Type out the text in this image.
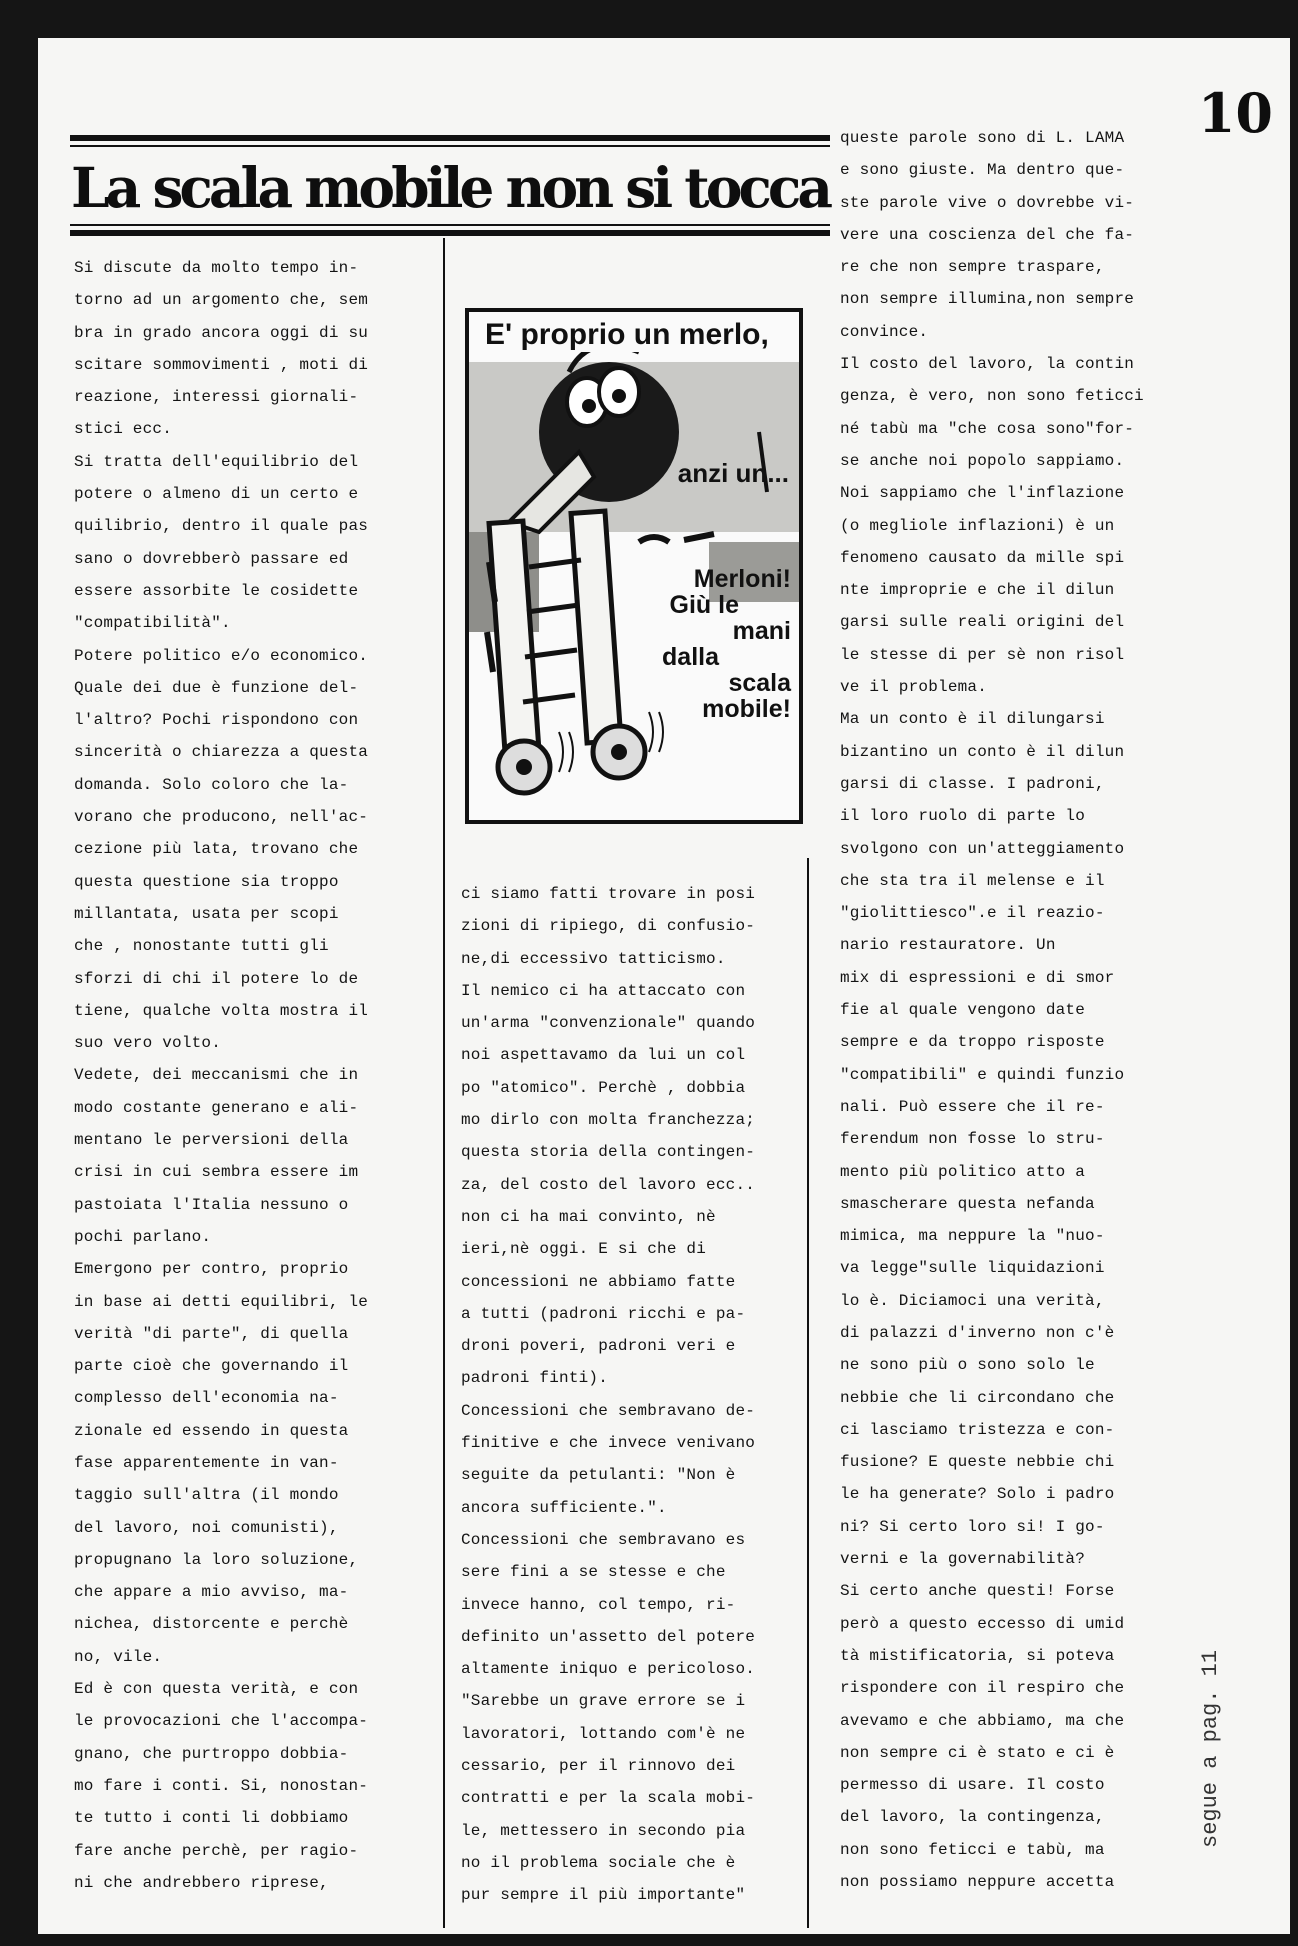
La scala mobile non si tocca
10
Si discute da molto tempo in-
torno ad un argomento che, sem
bra in grado ancora oggi di su
scitare sommovimenti , moti di
reazione, interessi giornali-
stici ecc.
Si tratta dell'equilibrio del
potere o almeno di un certo e
quilibrio, dentro il quale pas
sano o dovrebberò passare ed
essere assorbite le cosidette
"compatibilità".
Potere politico e/o economico.
Quale dei due è funzione del-
l'altro? Pochi rispondono con
sincerità o chiarezza a questa
domanda. Solo coloro che la-
vorano che producono, nell'ac-
cezione più lata, trovano che
questa questione sia troppo
millantata, usata per scopi
che , nonostante tutti gli
sforzi di chi il potere lo de
tiene, qualche volta mostra il
suo vero volto.
Vedete, dei meccanismi che in
modo costante generano e ali-
mentano le perversioni della
crisi in cui sembra essere im
pastoiata l'Italia nessuno o
pochi parlano.
Emergono per contro, proprio
in base ai detti equilibri, le
verità "di parte", di quella
parte cioè che governando il
complesso dell'economia na-
zionale ed essendo in questa
fase apparentemente in van-
taggio sull'altra (il mondo
del lavoro, noi comunisti),
propugnano la loro soluzione,
che appare a mio avviso, ma-
nichea, distorcente e perchè
no, vile.
Ed è con questa verità, e con
le provocazioni che l'accompa-
gnano, che purtroppo dobbia-
mo fare i conti. Si, nonostan-
te tutto i conti li dobbiamo
fare anche perchè, per ragio-
ni che andrebbero riprese,
ci siamo fatti trovare in posi
zioni di ripiego, di confusio-
ne,di eccessivo tatticismo.
Il nemico ci ha attaccato con
un'arma "convenzionale" quando
noi aspettavamo da lui un col
po "atomico". Perchè , dobbia
mo dirlo con molta franchezza;
questa storia della contingen-
za, del costo del lavoro ecc..
non ci ha mai convinto, nè
ieri,nè oggi. E si che di
concessioni ne abbiamo fatte
a tutti (padroni ricchi e pa-
droni poveri, padroni veri e
padroni finti).
Concessioni che sembravano de-
finitive e che invece venivano
seguite da petulanti: "Non è
ancora sufficiente.".
Concessioni che sembravano es
sere fini a se stesse e che
invece hanno, col tempo, ri-
definito un'assetto del potere
altamente iniquo e pericoloso.
"Sarebbe un grave errore se i
lavoratori, lottando com'è ne
cessario, per il rinnovo dei
contratti e per la scala mobi-
le, mettessero in secondo pia
no il problema sociale che è
pur sempre il più importante"
queste parole sono di L. LAMA
e sono giuste. Ma dentro que-
ste parole vive o dovrebbe vi-
vere una coscienza del che fa-
re che non sempre traspare,
non sempre illumina,non sempre
convince.
Il costo del lavoro, la contin
genza, è vero, non sono feticci
né tabù ma "che cosa sono"for-
se anche noi popolo sappiamo.
Noi sappiamo che l'inflazione
(o megliole inflazioni) è un
fenomeno causato da mille spi
nte improprie e che il dilun
garsi sulle reali origini del
le stesse di per sè non risol
ve il problema.
Ma un conto è il dilungarsi
bizantino un conto è il dilun
garsi di classe. I padroni,
il loro ruolo di parte lo
svolgono con un'atteggiamento
che sta tra il melense e il
"giolittiesco".e il reazio-
nario restauratore. Un
mix di espressioni e di smor
fie al quale vengono date
sempre e da troppo risposte
"compatibili" e quindi funzio
nali. Può essere che il re-
ferendum non fosse lo stru-
mento più politico atto a
smascherare questa nefanda
mimica, ma neppure la "nuo-
va legge"sulle liquidazioni
lo è. Diciamoci una verità,
di palazzi d'inverno non c'è
ne sono più o sono solo le
nebbie che li circondano che
ci lasciamo tristezza e con-
fusione? E queste nebbie chi
le ha generate? Solo i padro
ni? Si certo loro si! I go-
verni e la governabilità?
Si certo anche questi! Forse
però a questo eccesso di umid
tà mistificatoria, si poteva
rispondere con il respiro che
avevamo e che abbiamo, ma che
non sempre ci è stato e ci è
permesso di usare. Il costo
del lavoro, la contingenza,
non sono feticci e tabù, ma
non possiamo neppure accetta
E' proprio un merlo,
anzi un...
Merloni!
Giù le
mani
dalla
scala
mobile!
segue a pag. 11
